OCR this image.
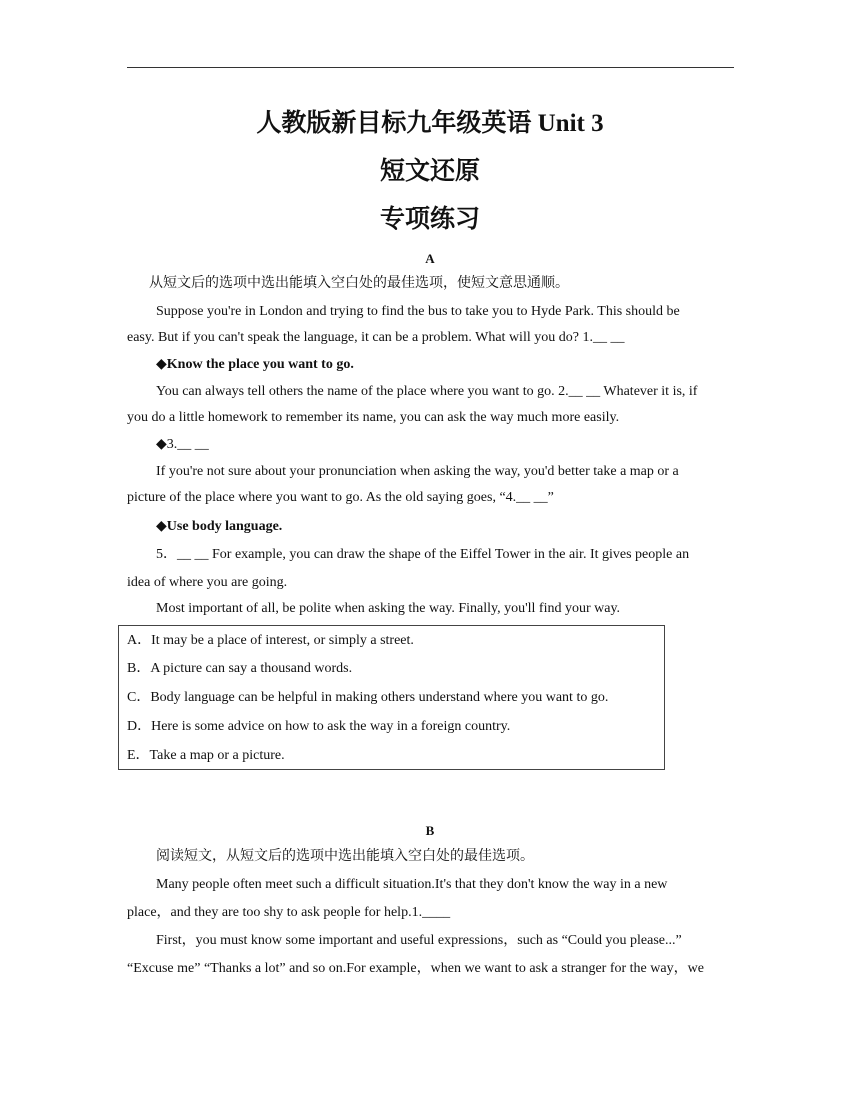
人教版新目标九年级英语 Unit 3
短文还原
专项练习
A
从短文后的选项中选出能填入空白处的最佳选项，使短文意思通顺。
Suppose you're in London and trying to find the bus to take you to Hyde Park. This should be
easy. But if you can't speak the language, it can be a problem. What will you do? 1.__ __
◆Know the place you want to go.
You can always tell others the name of the place where you want to go. 2.__ __ Whatever it is, if
you do a little homework to remember its name, you can ask the way much more easily.
◆3.__ __
If you're not sure about your pronunciation when asking the way, you'd better take a map or a
picture of the place where you want to go. As the old saying goes, “4.__ __”
◆Use body language.
5．__ __ For example, you can draw the shape of the Eiffel Tower in the air. It gives people an
idea of where you are going.
Most important of all, be polite when asking the way. Finally, you'll find your way.
A．It may be a place of interest, or simply a street.
B．A picture can say a thousand words.
C．Body language can be helpful in making others understand where you want to go.
D．Here is some advice on how to ask the way in a foreign country.
E．Take a map or a picture.
B
阅读短文，从短文后的选项中选出能填入空白处的最佳选项。
Many people often meet such a difficult situation.It's that they don't know the way in a new
place，and they are too shy to ask people for help.1.____
First，you must know some important and useful expressions，such as “Could you please...”
“Excuse me” “Thanks a lot” and so on.For example，when we want to ask a stranger for the way，we
